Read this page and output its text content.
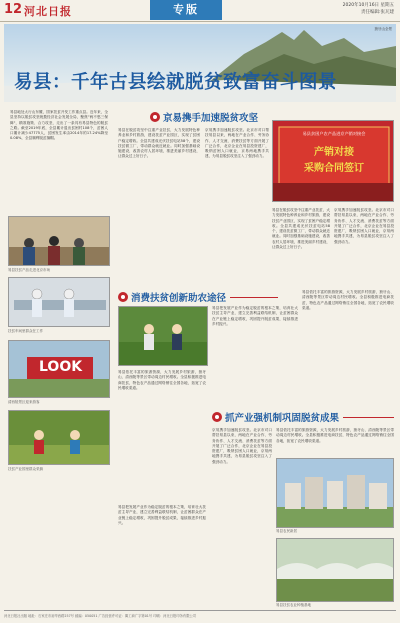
12 河北日报	专版	2020年10月16日 星期五
责任编辑:张瓦建
狼牙山全景
易县：千年古县绘就脱贫致富奋斗图景
易县地处太行山东麓，国家扶贫开发工作重点县。近年来，全县坚持以脱贫攻坚统揽经济社会发展全局，聚焦"两不愁三保障"，精准施策、合力攻坚，走出了一条具有易县特色的脱贫之路。截至2019年底，全县累计退出贫困村108个，贫困人口累计减少47775人，贫困发生率由2014年的17.24%降至0.08%，全县顺利脱贫摘帽。
易县扶贫产品走进北京市场
扶贫车间里群众在工作
LOOK
清西陵景区迎来游客
扶贫产业园里群众采摘
易县在脱贫攻坚中注重产业扶贫，大力发展特色种养业和乡村旅游，建设扶贫产业园区，实现了贫困户稳定增收。全县共建成光伏扶贫电站58个，建设扶贫微工厂，带动群众就近就业。同时加强基础设施建设，改善农村人居环境，推进美丽乡村建设，让群众过上好日子。
京易携手加速脱贫攻坚
京易携手加速脱贫攻坚。北京市对口帮扶易县以来，两地在产业合作、劳务协作、人才交流、消费扶贫等方面开展了广泛合作，北京企业在易县投资建厂，吸纳贫困人口就业，京易两地携手共建，为易县脱贫攻坚注入了强劲动力。
易县贫困户农产品进京产销对接会
产销对接
采购合同签订
易县在脱贫攻坚中注重产业扶贫，大力发展特色种养业和乡村旅游，建设扶贫产业园区，实现了贫困户稳定增收。全县共建成光伏扶贫电站58个，建设扶贫微工厂，带动群众就近就业。同时加强基础设施建设，改善农村人居环境，推进美丽乡村建设，让群众过上好日子。
京易携手加速脱贫攻坚。北京市对口帮扶易县以来，两地在产业合作、劳务协作、人才交流、消费扶贫等方面开展了广泛合作，北京企业在易县投资建厂，吸纳贫困人口就业，京易两地携手共建，为易县脱贫攻坚注入了强劲动力。
消费扶贫创新助农途径
易县依托丰富的旅游资源，大力发展乡村旅游，狼牙山、清西陵等景区带动周边村民增收。全县积极推进电商扶贫，特色农产品通过网络销往全国各地，拓宽了农民增收渠道。
易县把发展产业作为稳定脱贫的根本之策，培育壮大扶贫主导产业，建立完善利益联结机制，让贫困群众在产业链上稳定增收，巩固提升脱贫成果，接续推进乡村振兴。
易县依托丰富的旅游资源，大力发展乡村旅游，狼牙山、清西陵等景区带动周边村民增收。全县积极推进电商扶贫，特色农产品通过网络销往全国各地，拓宽了农民增收渠道。
抓产业强机制巩固脱贫成果
易县把发展产业作为稳定脱贫的根本之策，培育壮大扶贫主导产业，建立完善利益联结机制，让贫困群众在产业链上稳定增收，巩固提升脱贫成果，接续推进乡村振兴。
京易携手加速脱贫攻坚。北京市对口帮扶易县以来，两地在产业合作、劳务协作、人才交流、消费扶贫等方面开展了广泛合作，北京企业在易县投资建厂，吸纳贫困人口就业，京易两地携手共建，为易县脱贫攻坚注入了强劲动力。
易县依托丰富的旅游资源，大力发展乡村旅游，狼牙山、清西陵等景区带动周边村民增收。全县积极推进电商扶贫，特色农产品通过网络销往全国各地，拓宽了农民增收渠道。
易县农民新居
易县扶贫农业种植基地
河北日报社出版 地址：石家庄市裕华西路257号 邮编：050051 广告经营许可证：冀工商广字第01号 印刷：河北日报印务有限公司
